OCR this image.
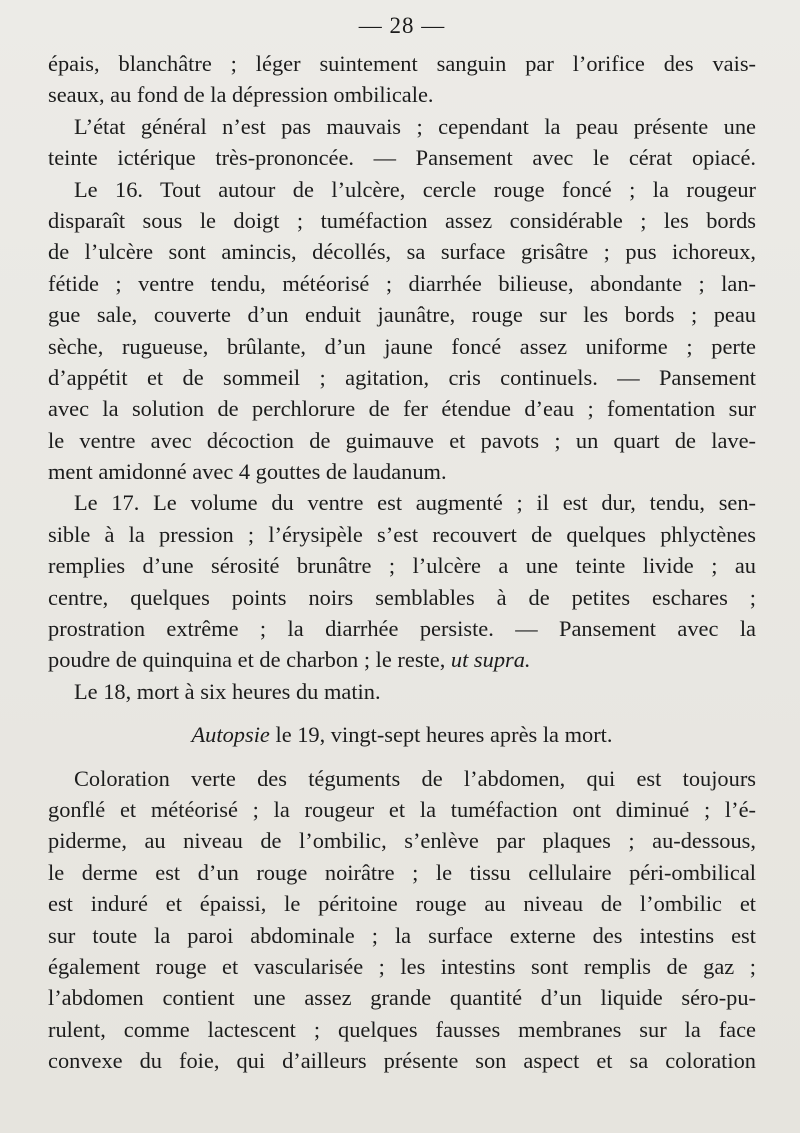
— 28 —
épais, blanchâtre ; léger suintement sanguin par l’orifice des vais-
seaux, au fond de la dépression ombilicale.
L’état général n’est pas mauvais ; cependant la peau présente une
teinte ictérique très-prononcée. — Pansement avec le cérat opiacé.
Le 16. Tout autour de l’ulcère, cercle rouge foncé ; la rougeur
disparaît sous le doigt ; tuméfaction assez considérable ; les bords
de l’ulcère sont amincis, décollés, sa surface grisâtre ; pus ichoreux,
fétide ; ventre tendu, météorisé ; diarrhée bilieuse, abondante ; lan-
gue sale, couverte d’un enduit jaunâtre, rouge sur les bords ; peau
sèche, rugueuse, brûlante, d’un jaune foncé assez uniforme ; perte
d’appétit et de sommeil ; agitation, cris continuels. — Pansement
avec la solution de perchlorure de fer étendue d’eau ; fomentation sur
le ventre avec décoction de guimauve et pavots ; un quart de lave-
ment amidonné avec 4 gouttes de laudanum.
Le 17. Le volume du ventre est augmenté ; il est dur, tendu, sen-
sible à la pression ; l’érysipèle s’est recouvert de quelques phlyctènes
remplies d’une sérosité brunâtre ; l’ulcère a une teinte livide ; au
centre, quelques points noirs semblables à de petites eschares ;
prostration extrême ; la diarrhée persiste. — Pansement avec la
poudre de quinquina et de charbon ; le reste, ut supra.
Le 18, mort à six heures du matin.
Autopsie le 19, vingt-sept heures après la mort.
Coloration verte des téguments de l’abdomen, qui est toujours
gonflé et météorisé ; la rougeur et la tuméfaction ont diminué ; l’é-
piderme, au niveau de l’ombilic, s’enlève par plaques ; au-dessous,
le derme est d’un rouge noirâtre ; le tissu cellulaire péri-ombilical
est induré et épaissi, le péritoine rouge au niveau de l’ombilic et
sur toute la paroi abdominale ; la surface externe des intestins est
également rouge et vascularisée ; les intestins sont remplis de gaz ;
l’abdomen contient une assez grande quantité d’un liquide séro-pu-
rulent, comme lactescent ; quelques fausses membranes sur la face
convexe du foie, qui d’ailleurs présente son aspect et sa coloration
